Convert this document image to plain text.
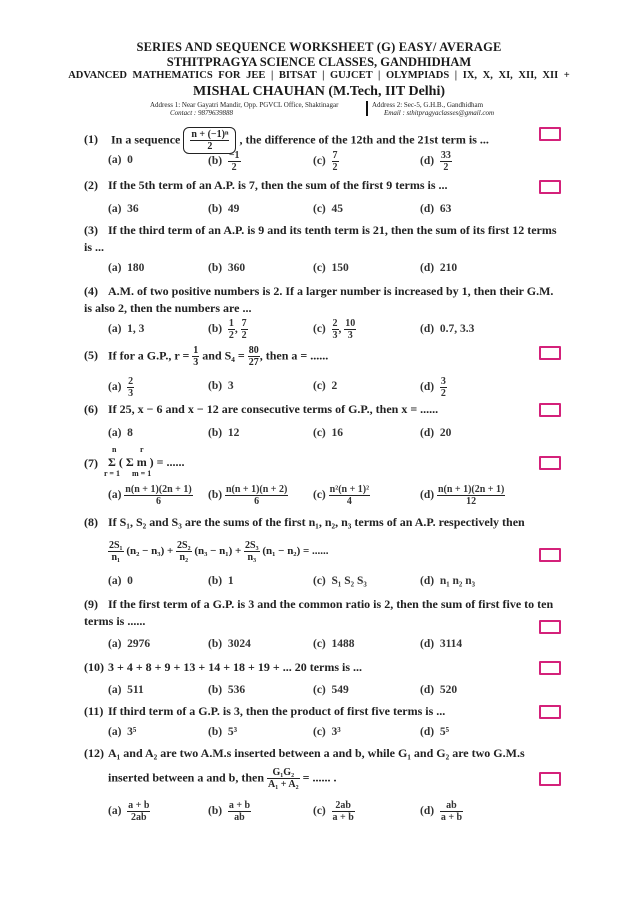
SERIES AND SEQUENCE WORKSHEET (G) EASY/ AVERAGE
STHITPRAGYA SCIENCE CLASSES, GANDHIDHAM
ADVANCED MATHEMATICS FOR JEE | BITSAT | GUJCET | OLYMPIADS | IX, X, XI, XII, XII +
MISHAL CHAUHAN (M.Tech, IIT Delhi)
Address 1: Near Gayatri Mandir, Opp. PGVCL Office, Shaktinagar
Contact : 9879639888
Address 2: Sec-5, G.H.B., Gandhidham
Email : sthitpragyaclasses@gmail.com
(1) In a sequence $\frac{\text{n + (−1)ⁿ}}{2}$ , the difference of the 12th and the 21st term is ...
(a) 0	$(b) \frac{-1}{2}$	$(c) \frac{7}{2}$	$(d) \frac{33}{2}$
(2) If the 5th term of an A.P. is 7, then the sum of the first 9 terms is ...
(a) 36	(b) 49	(c) 45	(d) 63
(3) If the third term of an A.P. is 9 and its tenth term is 21, then the sum of its first 12 terms is ...
(a) 180	(b) 360	(c) 150	(d) 210
(4) A.M. of two positive numbers is 2. If a larger number is increased by 1, then their G.M. is also 2, then the numbers are ...
(a) 1, 3	$(b) \frac{1}{2}$ , $\frac{7}{2}$	$(c) \frac{2}{3}$ , $\frac{10}{3}$	(d) 0.7, 3.3
(5) If for a G.P., $r = \frac{1}{3}$ and $S_4 = \frac{80}{27}$ , then a = ......
$(a) \frac{2}{3}$	(b) 3	(c) 2	$(d) \frac{3}{2}$
(6) If 25, x − 6 and x − 12 are consecutive terms of G.P., then x = ......
(a) 8	(b) 12	(c) 16	(d) 20
(7)
n
r = 1
r
m = 1
Σ ( Σ m ) = ......
$(a) \frac{n(n + 1)(2n + 1)}{6} (b) \frac{n(n + 1)(n + 2)}{6} (c) \frac{\text{n²(n + 1)²}}{4}$	$(d) \frac{n(n + 1)(2n + 1)}{12}$
(8) If S₁, S₂ and S₃ are the sums of the first n₁, n₂, n₃ terms of an A.P. respectively then
$\frac{\text{2S₁}}{\text{n₁}} (n_2 - n_3) + \frac{\text{2S₂}}{\text{n₂}} (n_3 - n_1) + \frac{\text{2S₃}}{\text{n₃}} (n_1 - n_2)$ = ......
(a) 0	(b) 1	(c) S₁ S₂ S₃	(d) n₁ n₂ n₃
(9) If the first term of a G.P. is 3 and the common ratio is 2, then the sum of first five to ten terms is ......
(a) 2976	(b) 3024	(c) 1488	(d) 3114
(10) 3 + 4 + 8 + 9 + 13 + 14 + 18 + 19 + ... 20 terms is ...
(a) 511	(b) 536	(c) 549	(d) 520
(11) If third term of a G.P. is 3, then the product of first five terms is ...
(a) 3⁵	(b) 5³	(c) 3³	(d) 5⁵
(12) A₁ and A₂ are two A.M.s inserted between a and b, while G₁ and G₂ are two G.M.s
inserted between a and b, then $\frac{\text{G₁G₂}}{\text{A₁ + A₂}}$ = ...... .
$(a) \frac{a + b}{2ab}$	$(b) \frac{a + b}{ab}$	$(c) \frac{2ab}{a + b}$	$(d) \frac{ab}{a + b}$
